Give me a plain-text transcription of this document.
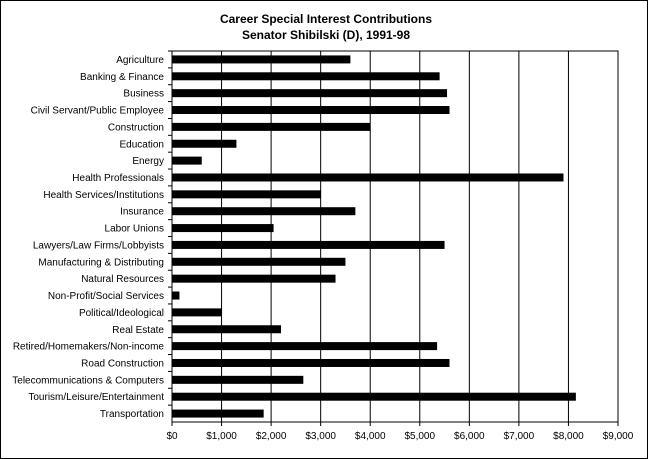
Career Special Interest Contributions
Senator Shibilski (D), 1991-98
Agriculture
Banking & Finance
Business
Civil Servant/Public Employee
Construction
Education
Energy
Health Professionals
Health Services/Institutions
Insurance
Labor Unions
Lawyers/Law Firms/Lobbyists
Manufacturing & Distributing
Natural Resources
Non-Profit/Social Services
Political/Ideological
Real Estate
Retired/Homemakers/Non-income
Road Construction
Telecommunications & Computers
Tourism/Leisure/Entertainment
Transportation
$0	$1,000 $2,000 $3,000 $4,000 $5,000 $6,000 $7,000 $8,000 $9,000
